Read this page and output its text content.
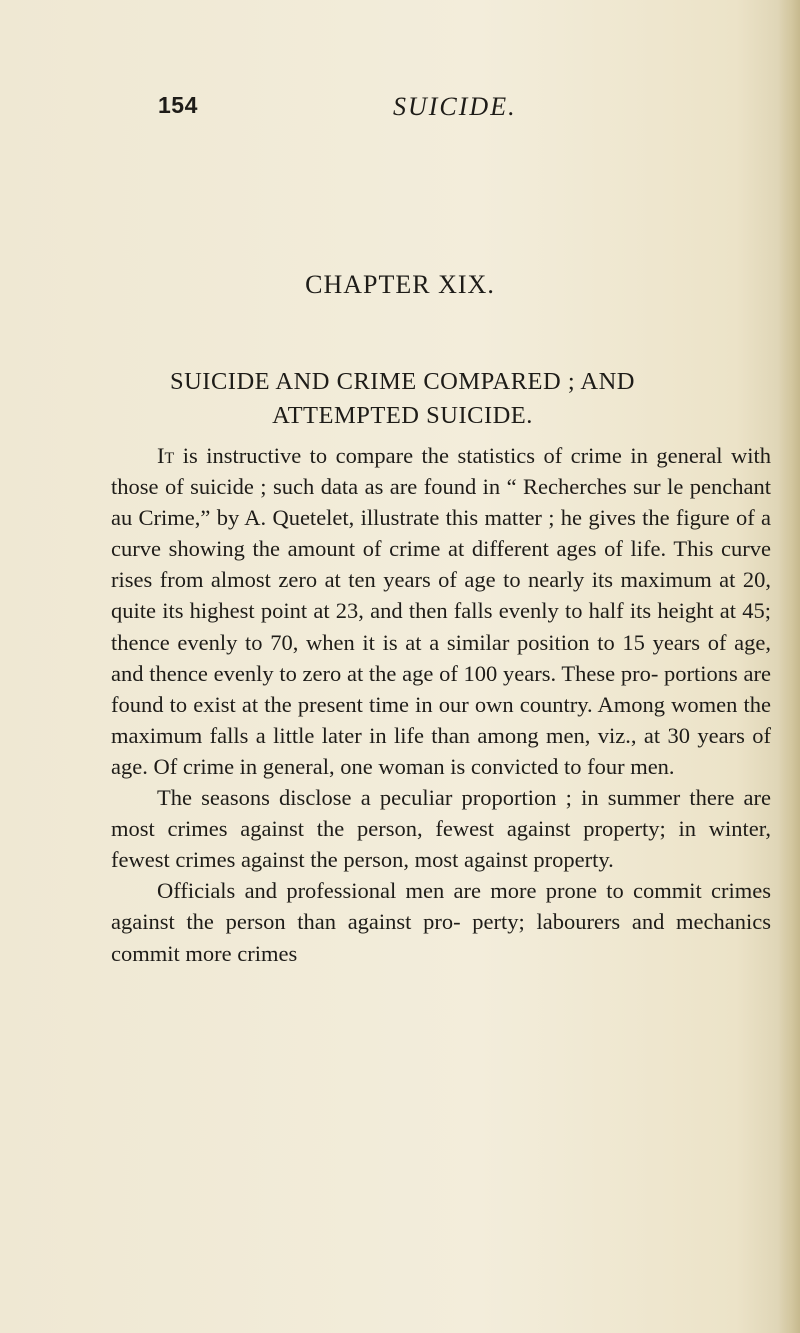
154	SUICIDE.
CHAPTER XIX.
SUICIDE AND CRIME COMPARED ; AND ATTEMPTED SUICIDE.

It is instructive to compare the statistics of crime in general with those of suicide ; such data as are found in “ Recherches sur le penchant au Crime,” by A. Quetelet, illustrate this matter ; he gives the figure of a curve showing the amount of crime at different ages of life. This curve rises from almost zero at ten years of age to nearly its maximum at 20, quite its highest point at 23, and then falls evenly to half its height at 45; thence evenly to 70, when it is at a similar position to 15 years of age, and thence evenly to zero at the age of 100 years. These pro- portions are found to exist at the present time in our own country. Among women the maximum falls a little later in life than among men, viz., at 30 years of age. Of crime in general, one woman is convicted to four men.

The seasons disclose a peculiar proportion ; in summer there are most crimes against the person, fewest against property; in winter, fewest crimes against the person, most against property.

Officials and professional men are more prone to commit crimes against the person than against pro- perty; labourers and mechanics commit more crimes
